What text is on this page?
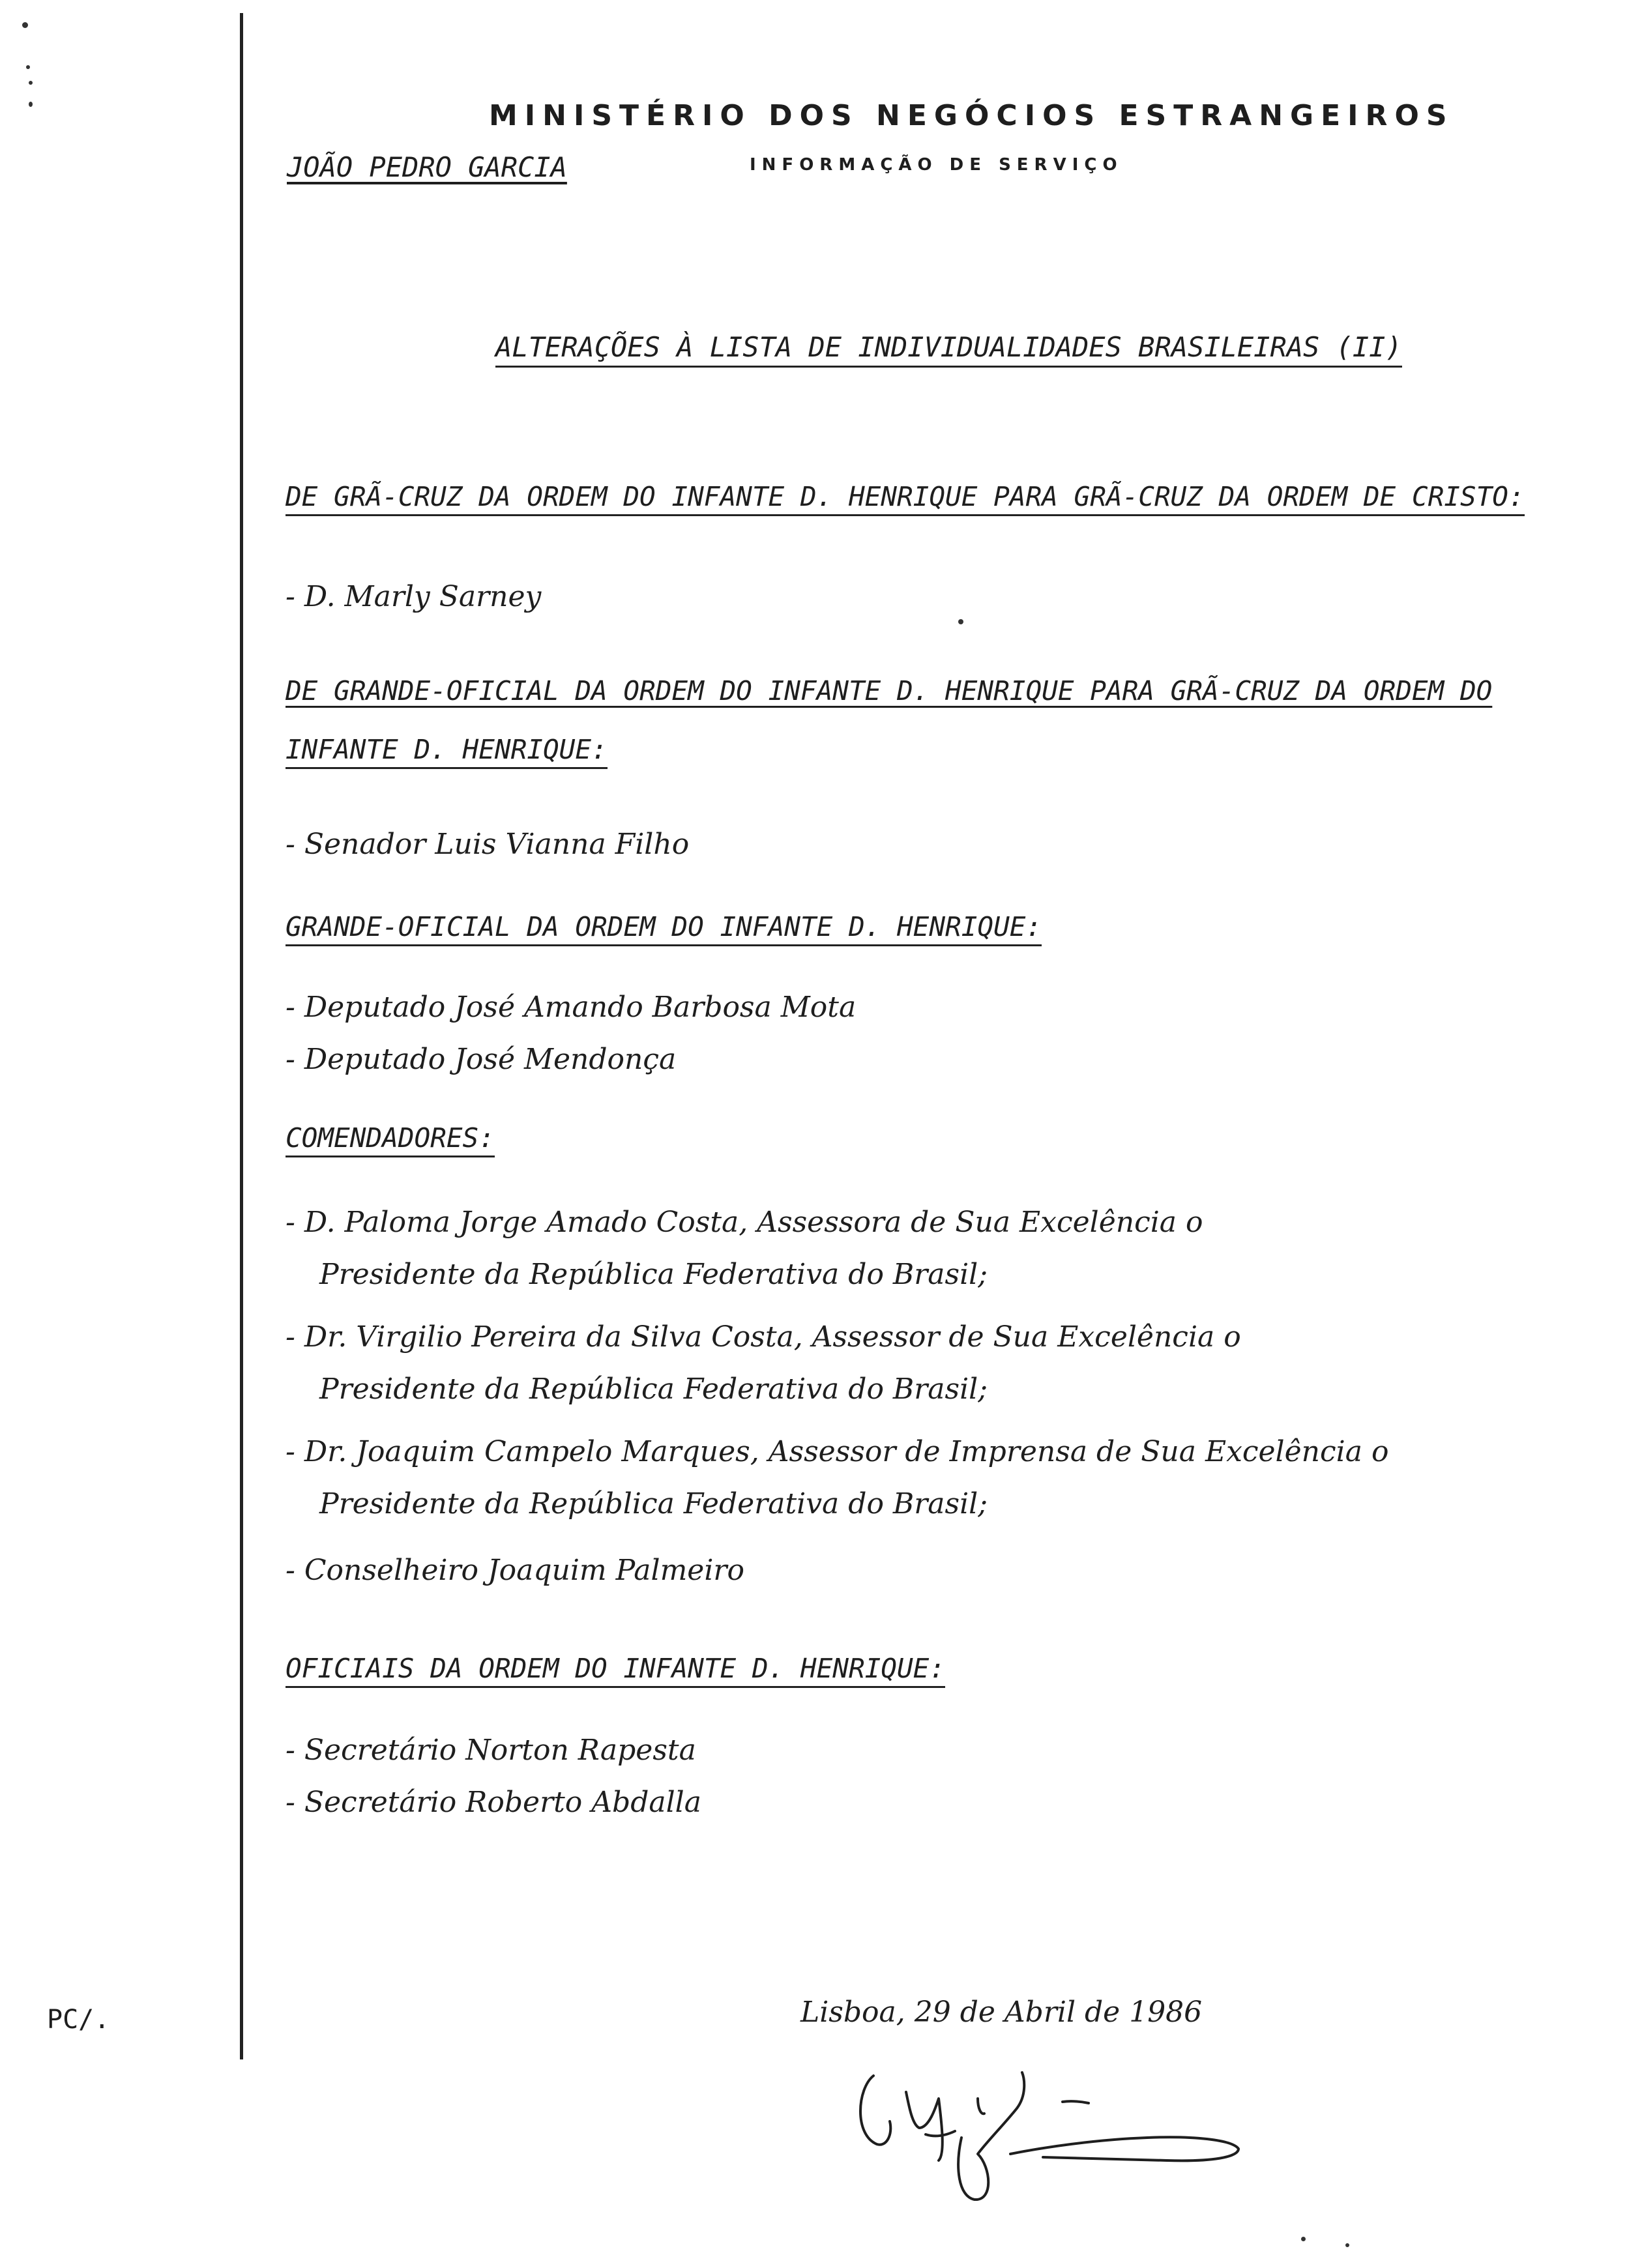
MINISTÉRIO DOS NEGÓCIOS ESTRANGEIROS
JOÃO PEDRO GARCIA	INFORMAÇÃO DE SERVIÇO
ALTERAÇÕES À LISTA DE INDIVIDUALIDADES BRASILEIRAS (II)
DE GRÃ-CRUZ DA ORDEM DO INFANTE D. HENRIQUE PARA GRÃ-CRUZ DA ORDEM DE CRISTO:
- D. Marly Sarney
DE GRANDE-OFICIAL DA ORDEM DO INFANTE D. HENRIQUE PARA GRÃ-CRUZ DA ORDEM DO
INFANTE D. HENRIQUE:
- Senador Luis Vianna Filho
GRANDE-OFICIAL DA ORDEM DO INFANTE D. HENRIQUE:
- Deputado José Amando Barbosa Mota
- Deputado José Mendonça
COMENDADORES:
- D. Paloma Jorge Amado Costa, Assessora de Sua Excelência o
Presidente da República Federativa do Brasil;
- Dr. Virgilio Pereira da Silva Costa, Assessor de Sua Excelência o
Presidente da República Federativa do Brasil;
- Dr. Joaquim Campelo Marques, Assessor de Imprensa de Sua Excelência o
Presidente da República Federativa do Brasil;
- Conselheiro Joaquim Palmeiro
OFICIAIS DA ORDEM DO INFANTE D. HENRIQUE:
- Secretário Norton Rapesta
- Secretário Roberto Abdalla
PC/.	Lisboa, 29 de Abril de 1986
